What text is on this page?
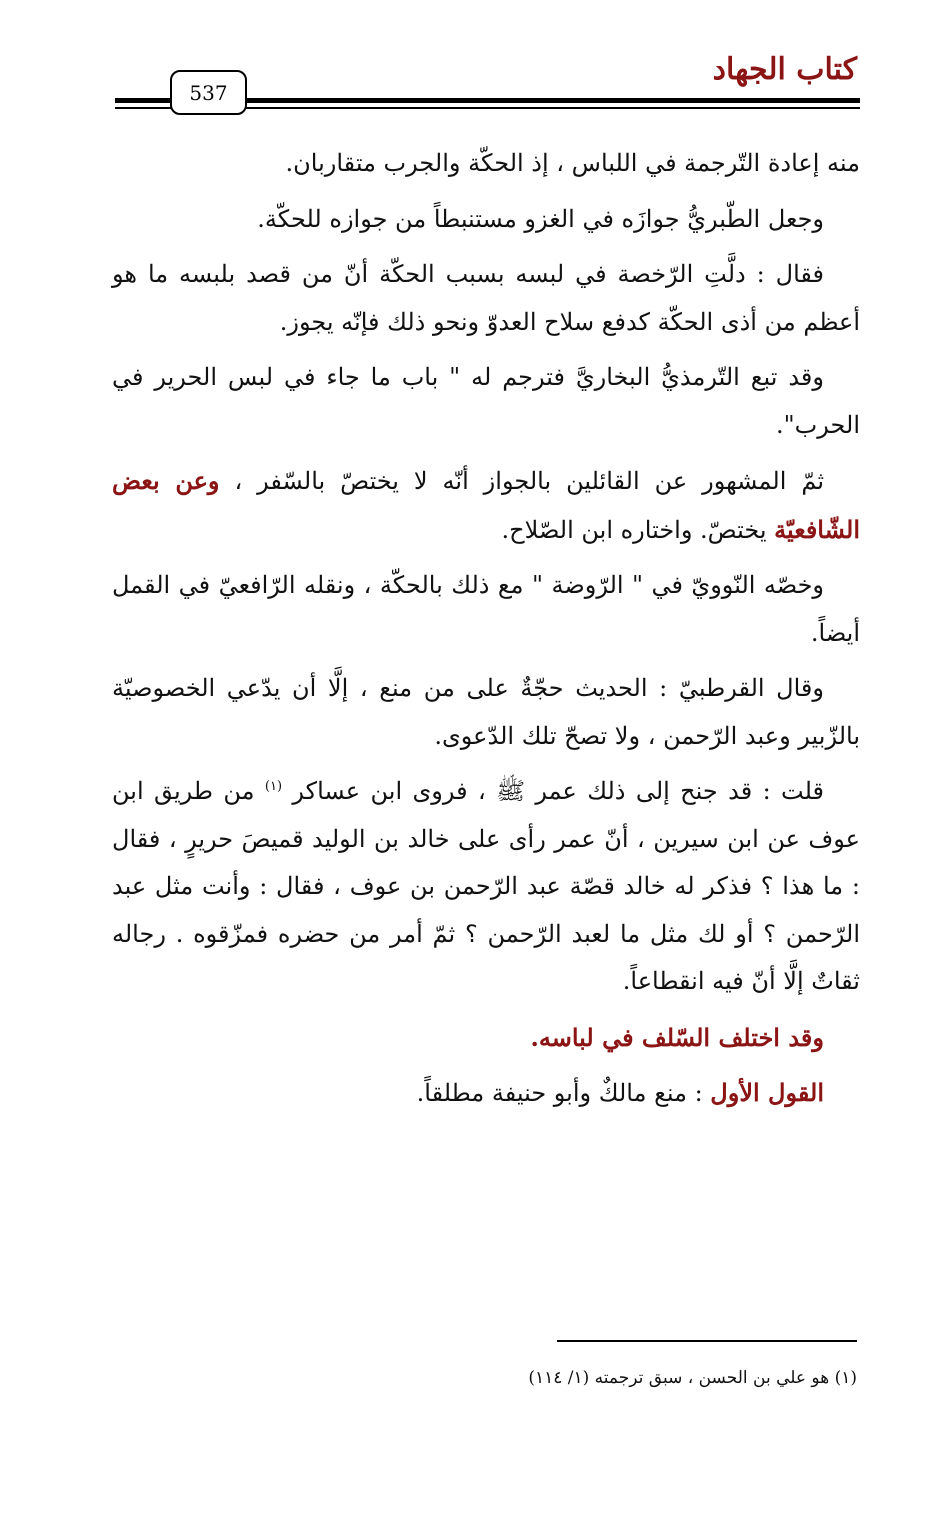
كتاب الجهاد
537

منه إعادة التّرجمة في اللباس ، إذ الحكّة والجرب متقاربان.

وجعل الطّبريُّ جوازَه في الغزو مستنبطاً من جوازه للحكّة.

فقال : دلَّتِ الرّخصة في لبسه بسبب الحكّة أنّ من قصد بلبسه ما هو أعظم من أذى الحكّة كدفع سلاح العدوّ ونحو ذلك فإنّه يجوز.

وقد تبع التّرمذيُّ البخاريَّ فترجم له " باب ما جاء في لبس الحرير في الحرب".

ثمّ المشهور عن القائلين بالجواز أنّه لا يختصّ بالسّفر ، وعن بعض الشّافعيّة يختصّ. واختاره ابن الصّلاح.

وخصّه النّوويّ في " الرّوضة " مع ذلك بالحكّة ، ونقله الرّافعيّ في القمل أيضاً.

وقال القرطبيّ : الحديث حجّةٌ على من منع ، إلَّا أن يدّعي الخصوصيّة بالزّبير وعبد الرّحمن ، ولا تصحّ تلك الدّعوى.

قلت : قد جنح إلى ذلك عمر ﷺ ، فروى ابن عساكر $^{(١)}$ من طريق ابن عوف عن ابن سيرين ، أنّ عمر رأى على خالد بن الوليد قميصَ حريرٍ ، فقال : ما هذا ؟ فذكر له خالد قصّة عبد الرّحمن بن عوف ، فقال : وأنت مثل عبد الرّحمن ؟ أو لك مثل ما لعبد الرّحمن ؟ ثمّ أمر من حضره فمزّقوه . رجاله ثقاتٌ إلَّا أنّ فيه انقطاعاً.

وقد اختلف السّلف في لباسه.

القول الأول : منع مالكٌ وأبو حنيفة مطلقاً.

(١) هو علي بن الحسن ، سبق ترجمته (١/ ١١٤)
